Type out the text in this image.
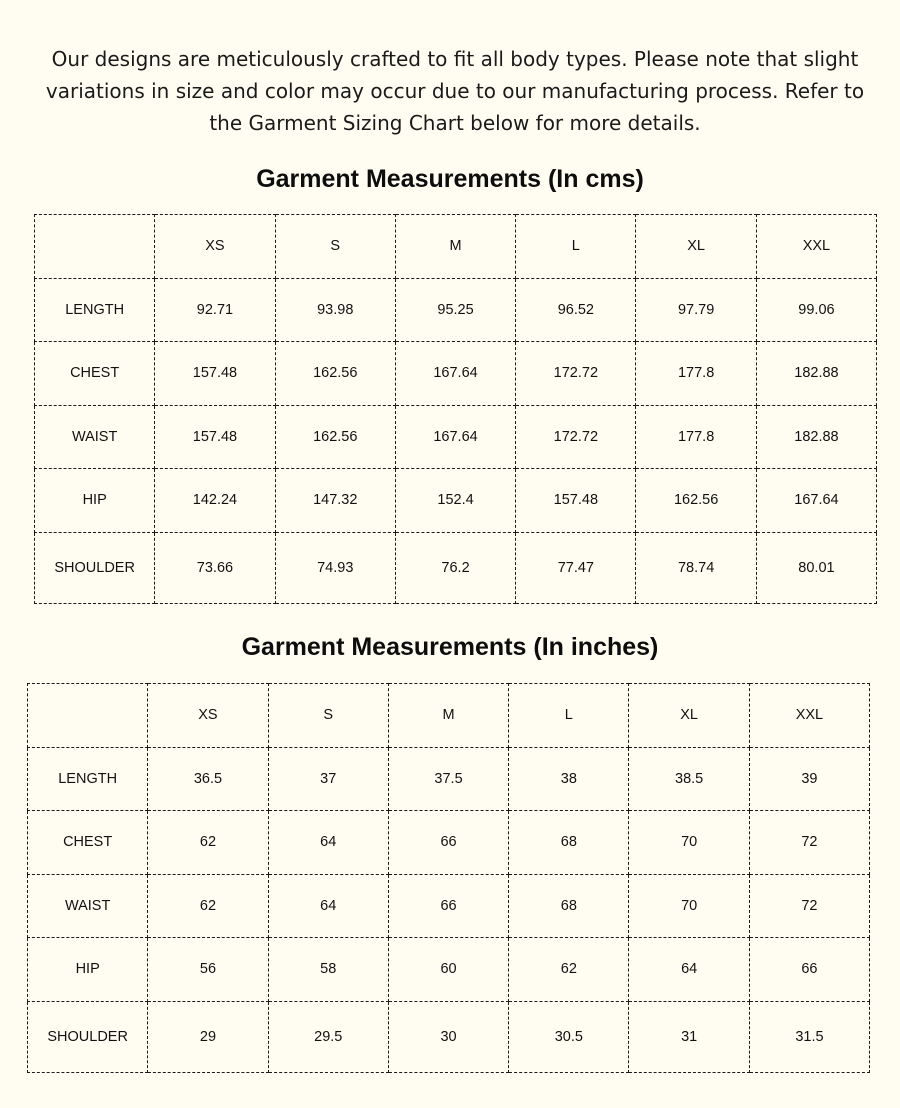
Our designs are meticulously crafted to fit all body types. Please note that slight
variations in size and color may occur due to our manufacturing process. Refer to
the Garment Sizing Chart below for more details.

Garment Measurements (In cms)
	XS	S	M	L	XL	XXL
LENGTH	92.71	93.98	95.25	96.52	97.79	99.06
CHEST	157.48	162.56	167.64	172.72	177.8	182.88
WAIST	157.48	162.56	167.64	172.72	177.8	182.88
HIP	142.24	147.32	152.4	157.48	162.56	167.64
SHOULDER	73.66	74.93	76.2	77.47	78.74	80.01
Garment Measurements (In inches)
	XS	S	M	L	XL	XXL
LENGTH	36.5	37	37.5	38	38.5	39
CHEST	62	64	66	68	70	72
WAIST	62	64	66	68	70	72
HIP	56	58	60	62	64	66
SHOULDER	29	29.5	30	30.5	31	31.5
